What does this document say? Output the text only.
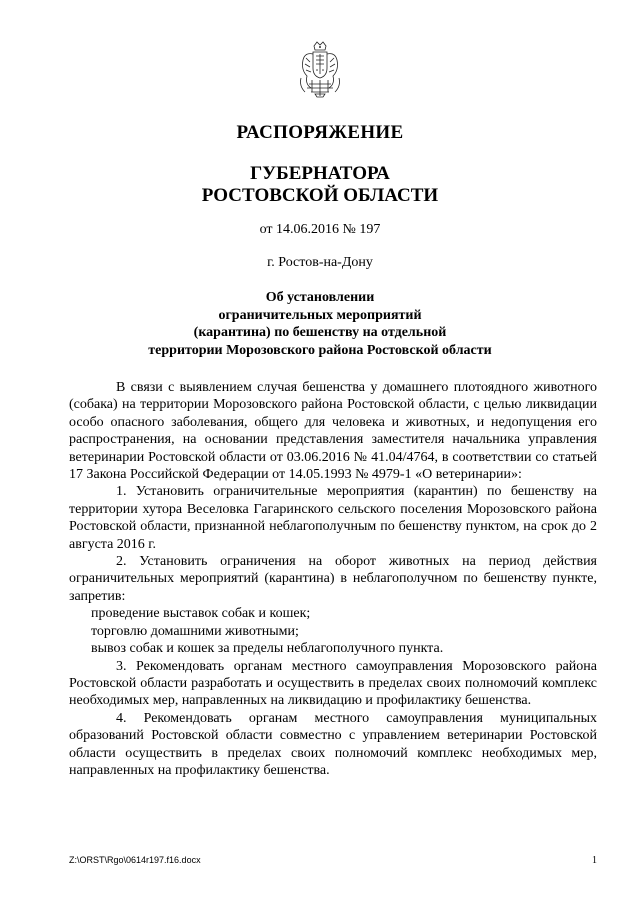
РАСПОРЯЖЕНИЕ
ГУБЕРНАТОРА
РОСТОВСКОЙ ОБЛАСТИ
от 14.06.2016 № 197
г. Ростов-на-Дону
Об установлении
ограничительных мероприятий
(карантина) по бешенству на отдельной
территории Морозовского района Ростовской области
В связи с выявлением случая бешенства у домашнего плотоядного животного (собака) на территории Морозовского района Ростовской области, с целью ликвидации особо опасного заболевания, общего для человека и животных, и недопущения его распространения, на основании представления заместителя начальника управления ветеринарии Ростовской области от 03.06.2016 № 41.04/4764, в соответствии со статьей 17 Закона Российской Федерации от 14.05.1993 № 4979-1 «О ветеринарии»:
1. Установить ограничительные мероприятия (карантин) по бешенству на территории хутора Веселовка Гагаринского сельского поселения Морозовского района Ростовской области, признанной неблагополучным по бешенству пунктом, на срок до 2 августа 2016 г.
2. Установить ограничения на оборот животных на период действия ограничительных мероприятий (карантина) в неблагополучном по бешенству пункте, запретив:
проведение выставок собак и кошек;
торговлю домашними животными;
вывоз собак и кошек за пределы неблагополучного пункта.
3. Рекомендовать органам местного самоуправления Морозовского района Ростовской области разработать и осуществить в пределах своих полномочий комплекс необходимых мер, направленных на ликвидацию и профилактику бешенства.
4. Рекомендовать органам местного самоуправления муниципальных образований Ростовской области совместно с управлением ветеринарии Ростовской области осуществить в пределах своих полномочий комплекс необходимых мер, направленных на профилактику бешенства.
Z:\ORST\Rgo\0614r197.f16.docx	1
